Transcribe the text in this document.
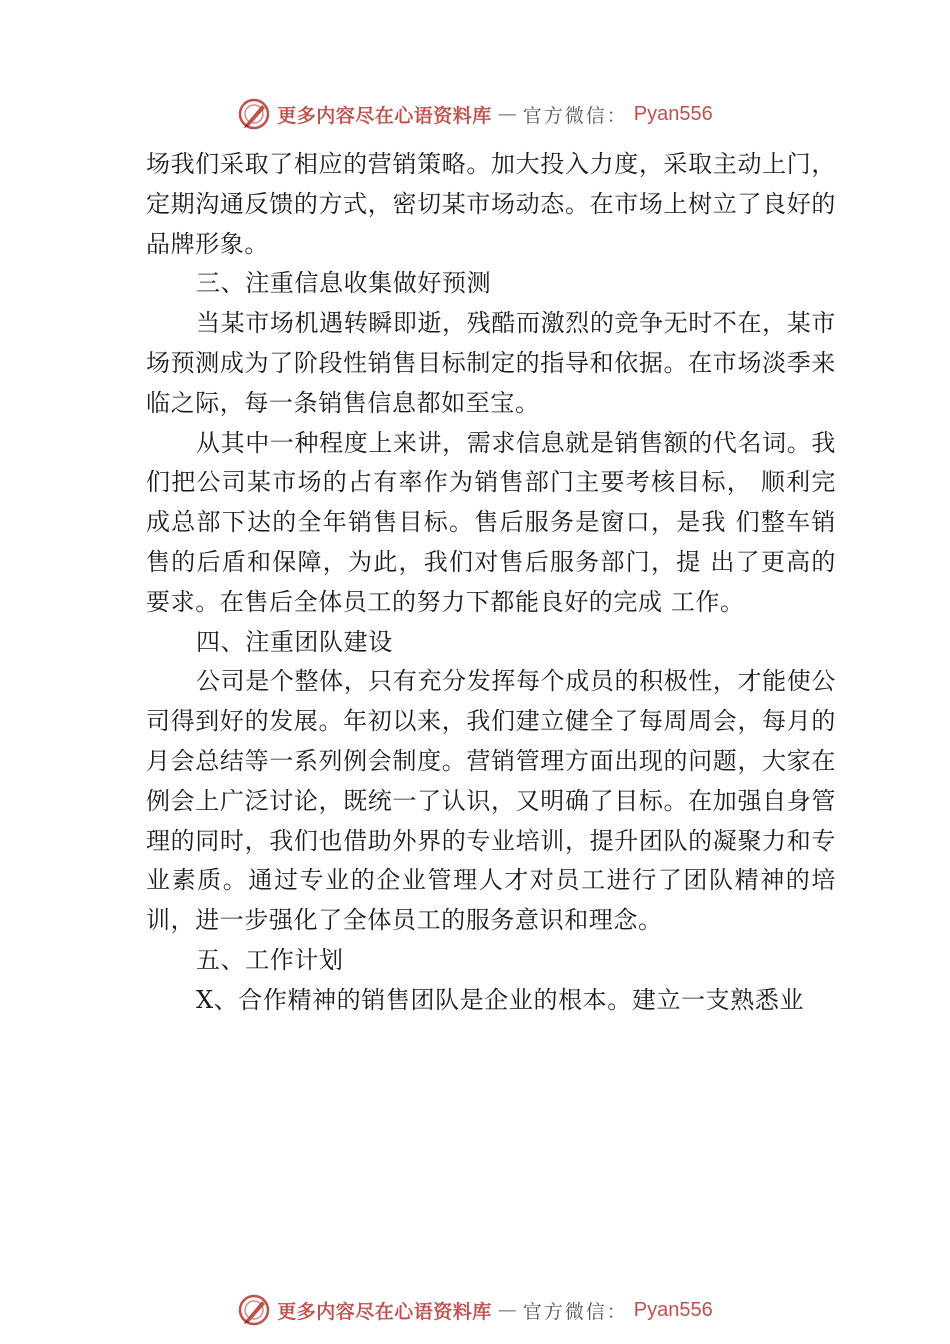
更多内容尽在心语资料库 — 官方微信： Pyan556

场我们采取了相应的营销策略。加大投入力度，采取主动上门，定期沟通反馈的方式，密切某市场动态。在市场上树立了良好的品牌形象。

三、注重信息收集做好预测

当某市场机遇转瞬即逝，残酷而激烈的竞争无时不在，某市场预测成为了阶段性销售目标制定的指导和依据。在市场淡季来临之际，每一条销售信息都如至宝。

从其中一种程度上来讲，需求信息就是销售额的代名词。我们把公司某市场的占有率作为销售部门主要考核目标， 顺利完成总部下达的全年销售目标。售后服务是窗口，是我 们整车销售的后盾和保障，为此，我们对售后服务部门，提 出了更高的要求。在售后全体员工的努力下都能良好的完成 工作。

四、注重团队建设

公司是个整体，只有充分发挥每个成员的积极性，才能使公司得到好的发展。年初以来，我们建立健全了每周周会，每月的月会总结等一系列例会制度。营销管理方面出现的问题，大家在例会上广泛讨论，既统一了认识，又明确了目标。在加强自身管理的同时，我们也借助外界的专业培训，提升团队的凝聚力和专业素质。通过专业的企业管理人才对员工进行了团队精神的培训，进一步强化了全体员工的服务意识和理念。

五、工作计划

X、合作精神的销售团队是企业的根本。建立一支熟悉业

更多内容尽在心语资料库 — 官方微信： Pyan556
